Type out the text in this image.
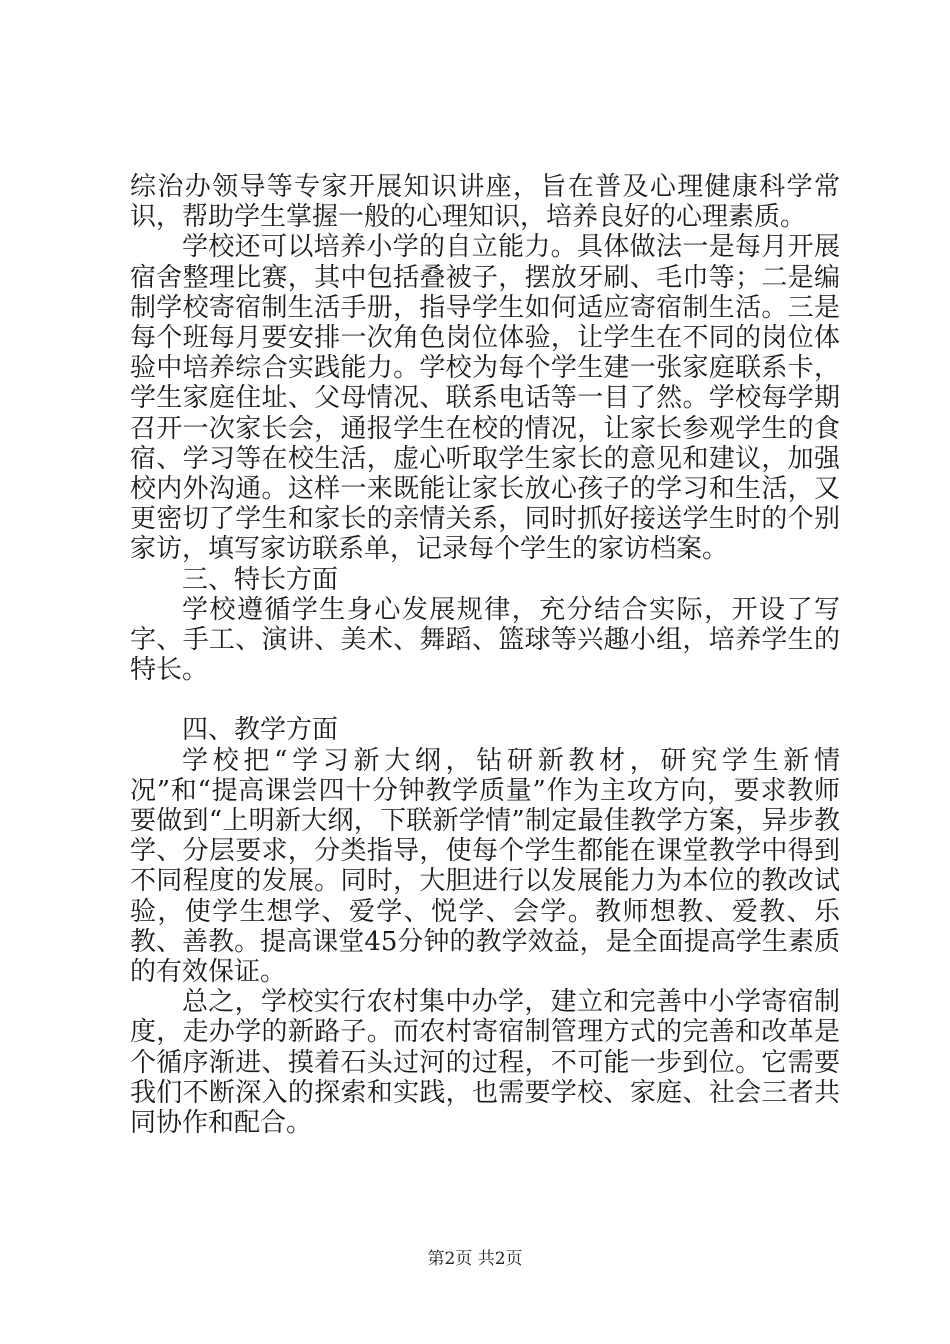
综治办领导等专家开展知识讲座，旨在普及心理健康科学常识，帮助学生掌握一般的心理知识，培养良好的心理素质。

学校还可以培养小学的自立能力。具体做法一是每月开展宿舍整理比赛，其中包括叠被子，摆放牙刷、毛巾等；二是编制学校寄宿制生活手册，指导学生如何适应寄宿制生活。三是每个班每月要安排一次角色岗位体验，让学生在不同的岗位体验中培养综合实践能力。学校为每个学生建一张家庭联系卡，学生家庭住址、父母情况、联系电话等一目了然。学校每学期召开一次家长会，通报学生在校的情况，让家长参观学生的食宿、学习等在校生活，虚心听取学生家长的意见和建议，加强校内外沟通。这样一来既能让家长放心孩子的学习和生活，又更密切了学生和家长的亲情关系，同时抓好接送学生时的个别家访，填写家访联系单，记录每个学生的家访档案。

三、特长方面

学校遵循学生身心发展规律，充分结合实际，开设了写字、手工、演讲、美术、舞蹈、篮球等兴趣小组，培养学生的特长。

四、教学方面

学校把“学习新大纲，钻研新教材，研究学生新情况”和“提高课尝四十分钟教学质量”作为主攻方向，要求教师要做到“上明新大纲，下联新学情”制定最佳教学方案，异步教学、分层要求，分类指导，使每个学生都能在课堂教学中得到不同程度的发展。同时，大胆进行以发展能力为本位的教改试验，使学生想学、爱学、悦学、会学。教师想教、爱教、乐教、善教。提高课堂45分钟的教学效益，是全面提高学生素质的有效保证。

总之，学校实行农村集中办学，建立和完善中小学寄宿制度，走办学的新路子。而农村寄宿制管理方式的完善和改革是个循序渐进、摸着石头过河的过程，不可能一步到位。它需要我们不断深入的探索和实践，也需要学校、家庭、社会三者共同协作和配合。

第2页 共2页
